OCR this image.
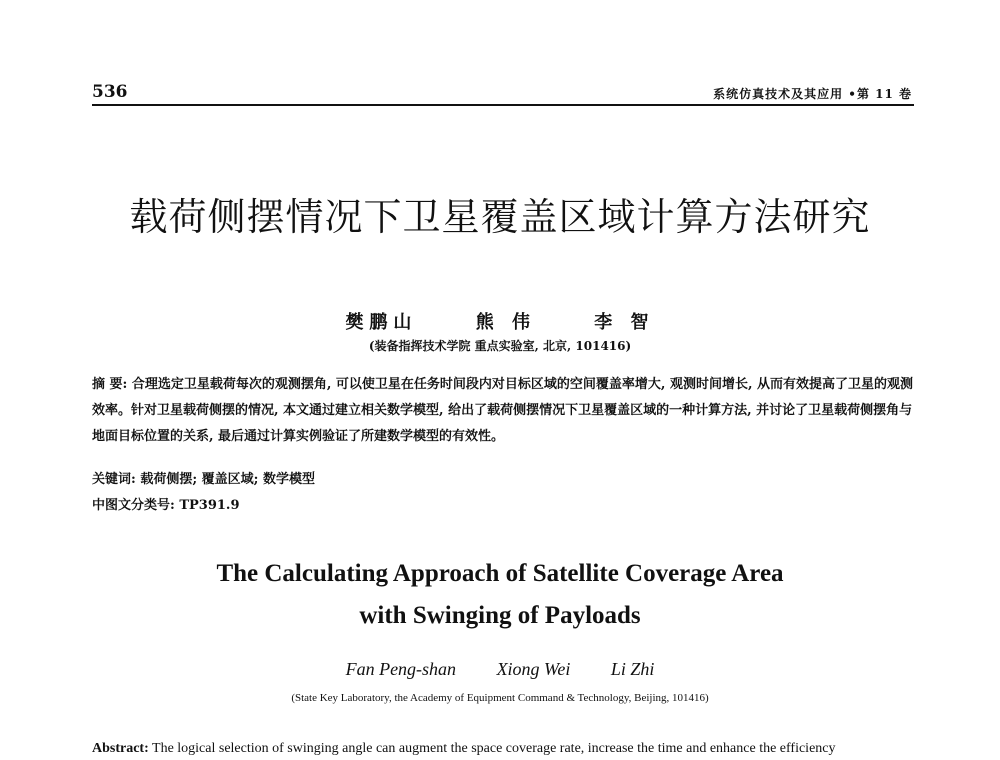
536	系统仿真技术及其应用 •第 11 卷
载荷侧摆情况下卫星覆盖区域计算方法研究
樊鹏山	熊 伟	李 智
(装备指挥技术学院 重点实验室, 北京, 101416)
摘 要: 合理选定卫星载荷每次的观测摆角, 可以使卫星在任务时间段内对目标区域的空间覆盖率增大, 观测时间增长, 从而有效提高了卫星的观测效率。针对卫星载荷侧摆的情况, 本文通过建立相关数学模型, 给出了载荷侧摆情况下卫星覆盖区域的一种计算方法, 并讨论了卫星载荷侧摆角与地面目标位置的关系, 最后通过计算实例验证了所建数学模型的有效性。
关键词: 载荷侧摆; 覆盖区域; 数学模型
中图文分类号: TP391.9
The Calculating Approach of Satellite Coverage Area
with Swinging of Payloads
Fan Peng-shan Xiong Wei Li Zhi
(State Key Laboratory, the Academy of Equipment Command & Technology, Beijing, 101416)
Abstract: The logical selection of swinging angle can augment the space coverage rate, increase the time and enhance the efficiency
